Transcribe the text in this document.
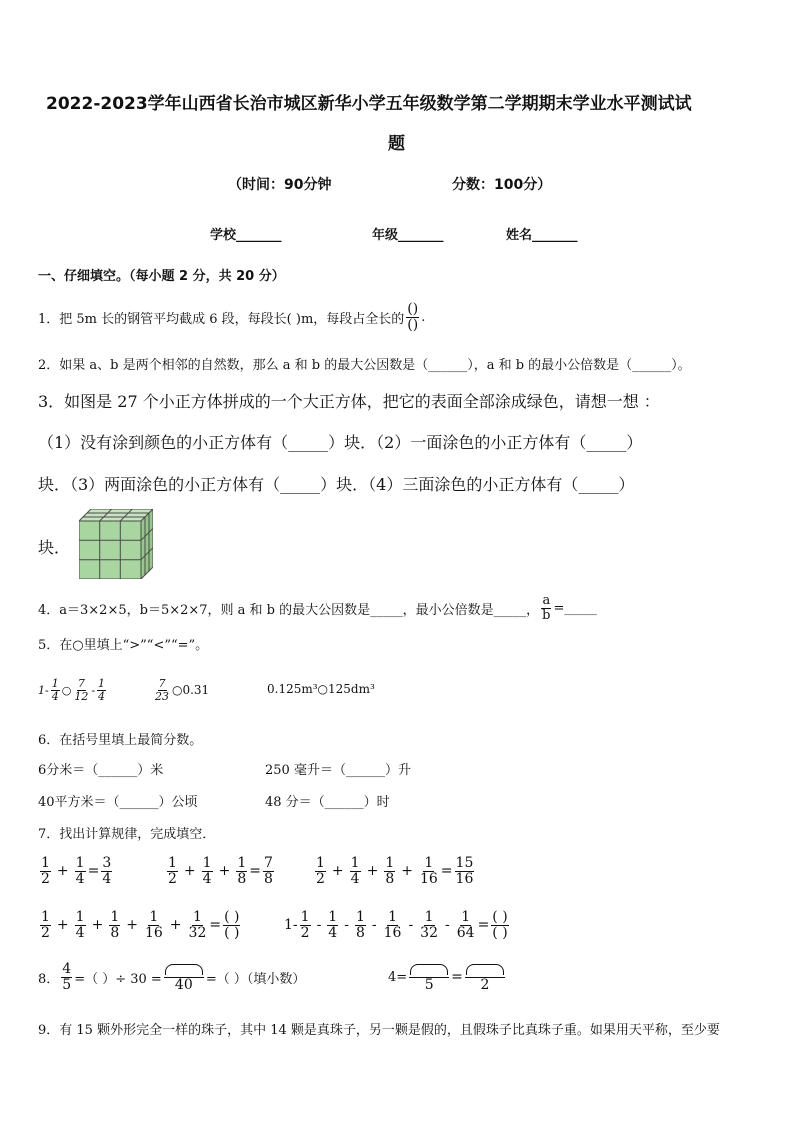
2022-2023学年山西省长治市城区新华小学五年级数学第二学期期末学业水平测试试
题
（时间：90分钟	分数：100分）
学校_______	年级_______	姓名_______
一、仔细填空。（每小题 2 分，共 20 分）
1．把 5m 长的钢管平均截成 6 段，每段长( )m，每段占全长的 $\frac{()}{()}$ .
2．如果 a、b 是两个相邻的自然数，那么 a 和 b 的最大公因数是（______），a 和 b 的最小公倍数是（______）。
3．如图是 27 个小正方体拼成的一个大正方体，把它的表面全部涂成绿色，请想一想 ：
（1）没有涂到颜色的小正方体有（_____）块．（2）一面涂色的小正方体有（_____）
块．（3）两面涂色的小正方体有（_____）块．（4）三面涂色的小正方体有（_____）
块．
4．a＝3×2×5，b＝5×2×7，则 a 和 b 的最大公因数是_____，最小公倍数是_____， $\frac{a}{b}$ =_____
5．在○里填上“>”“<”“=”。
$1- \frac{1}{4}$ ○ $\frac{7}{12} - \frac{1}{4}$	$\frac{7}{23}$ ○0.31	0.125m³○125dm³
6．在括号里填上最简分数。
6分米＝（______）米	250 毫升＝（______）升
40平方米＝（______）公顷	48 分＝（______）时
7．找出计算规律，完成填空．
$\frac{1}{2} + \frac{1}{4} = \frac{3}{4}$	$\frac{1}{2} + \frac{1}{4} + \frac{1}{8} = \frac{7}{8}$	$\frac{1}{2} + \frac{1}{4} + \frac{1}{8} + \frac{1}{16} = \frac{15}{16}$
$\frac{1}{2} + \frac{1}{4} + \frac{1}{8} + \frac{1}{16} + \frac{1}{32} = \frac{( )}{( )}$	$1- \frac{1}{2} - \frac{1}{4} - \frac{1}{8} - \frac{1}{16} - \frac{1}{32} - \frac{1}{64} = \frac{( )}{( )}$
8． $\frac{4}{5}$ =（ ）÷ 30 = 40 =（ ）（填小数）	4= 5 = 2
9．有 15 颗外形完全一样的珠子，其中 14 颗是真珠子，另一颗是假的，且假珠子比真珠子重。如果用天平称，至少要
